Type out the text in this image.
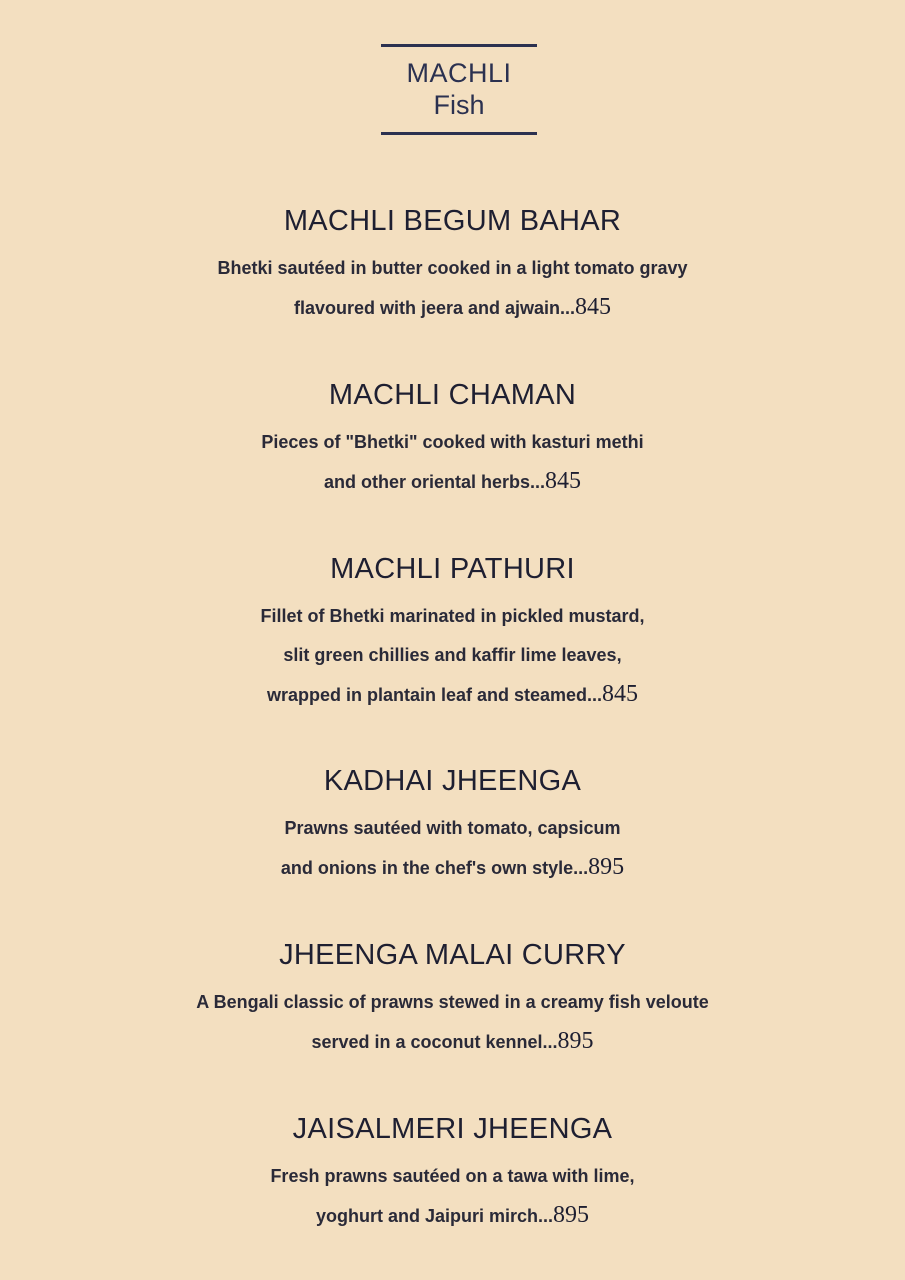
MACHLI
Fish
MACHLI BEGUM BAHAR
Bhetki sautéed in butter cooked in a light tomato gravy
flavoured with jeera and ajwain...845
MACHLI CHAMAN
Pieces of "Bhetki" cooked with kasturi methi
and other oriental herbs...845
MACHLI PATHURI
Fillet of Bhetki marinated in pickled mustard,
slit green chillies and kaffir lime leaves,
wrapped in plantain leaf and steamed...845
KADHAI JHEENGA
Prawns sautéed with tomato, capsicum
and onions in the chef's own style...895
JHEENGA MALAI CURRY
A Bengali classic of prawns stewed in a creamy fish veloute
served in a coconut kennel...895
JAISALMERI JHEENGA
Fresh prawns sautéed on a tawa with lime,
yoghurt and Jaipuri mirch...895
